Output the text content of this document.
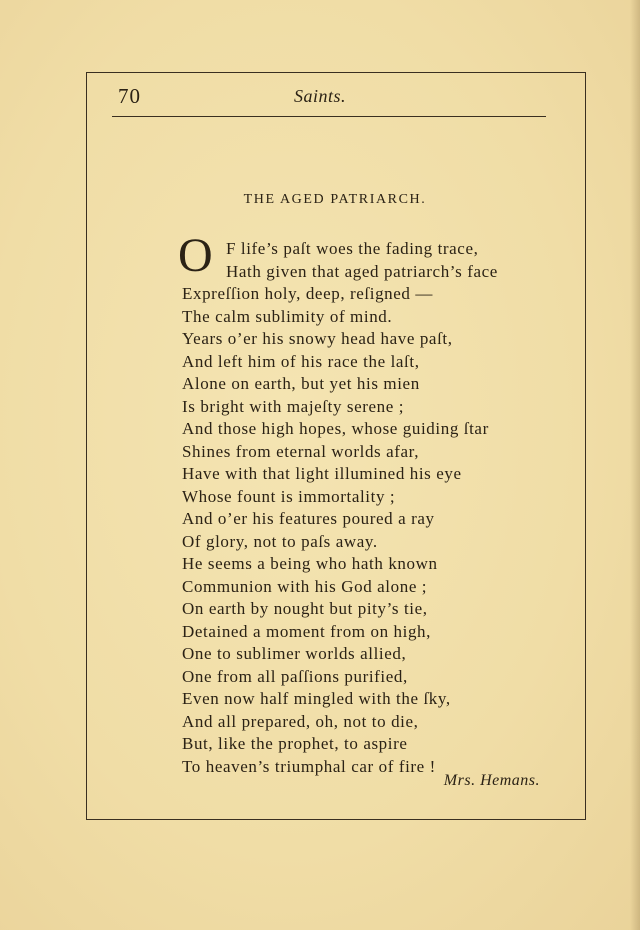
70	Saints.
THE AGED PATRIARCH.
O F life’s paſt woes the fading trace,
Hath given that aged patriarch’s face
Expreſſion holy, deep, reſigned —
The calm sublimity of mind.
Years o’er his snowy head have paſt,
And left him of his race the laſt,
Alone on earth, but yet his mien
Is bright with majeſty serene ;
And those high hopes, whose guiding ſtar
Shines from eternal worlds afar,
Have with that light illumined his eye
Whose fount is immortality ;
And o’er his features poured a ray
Of glory, not to paſs away.
He seems a being who hath known
Communion with his God alone ;
On earth by nought but pity’s tie,
Detained a moment from on high,
One to sublimer worlds allied,
One from all paſſions purified,
Even now half mingled with the ſky,
And all prepared, oh, not to die,
But, like the prophet, to aspire
To heaven’s triumphal car of fire !
Mrs. Hemans.
